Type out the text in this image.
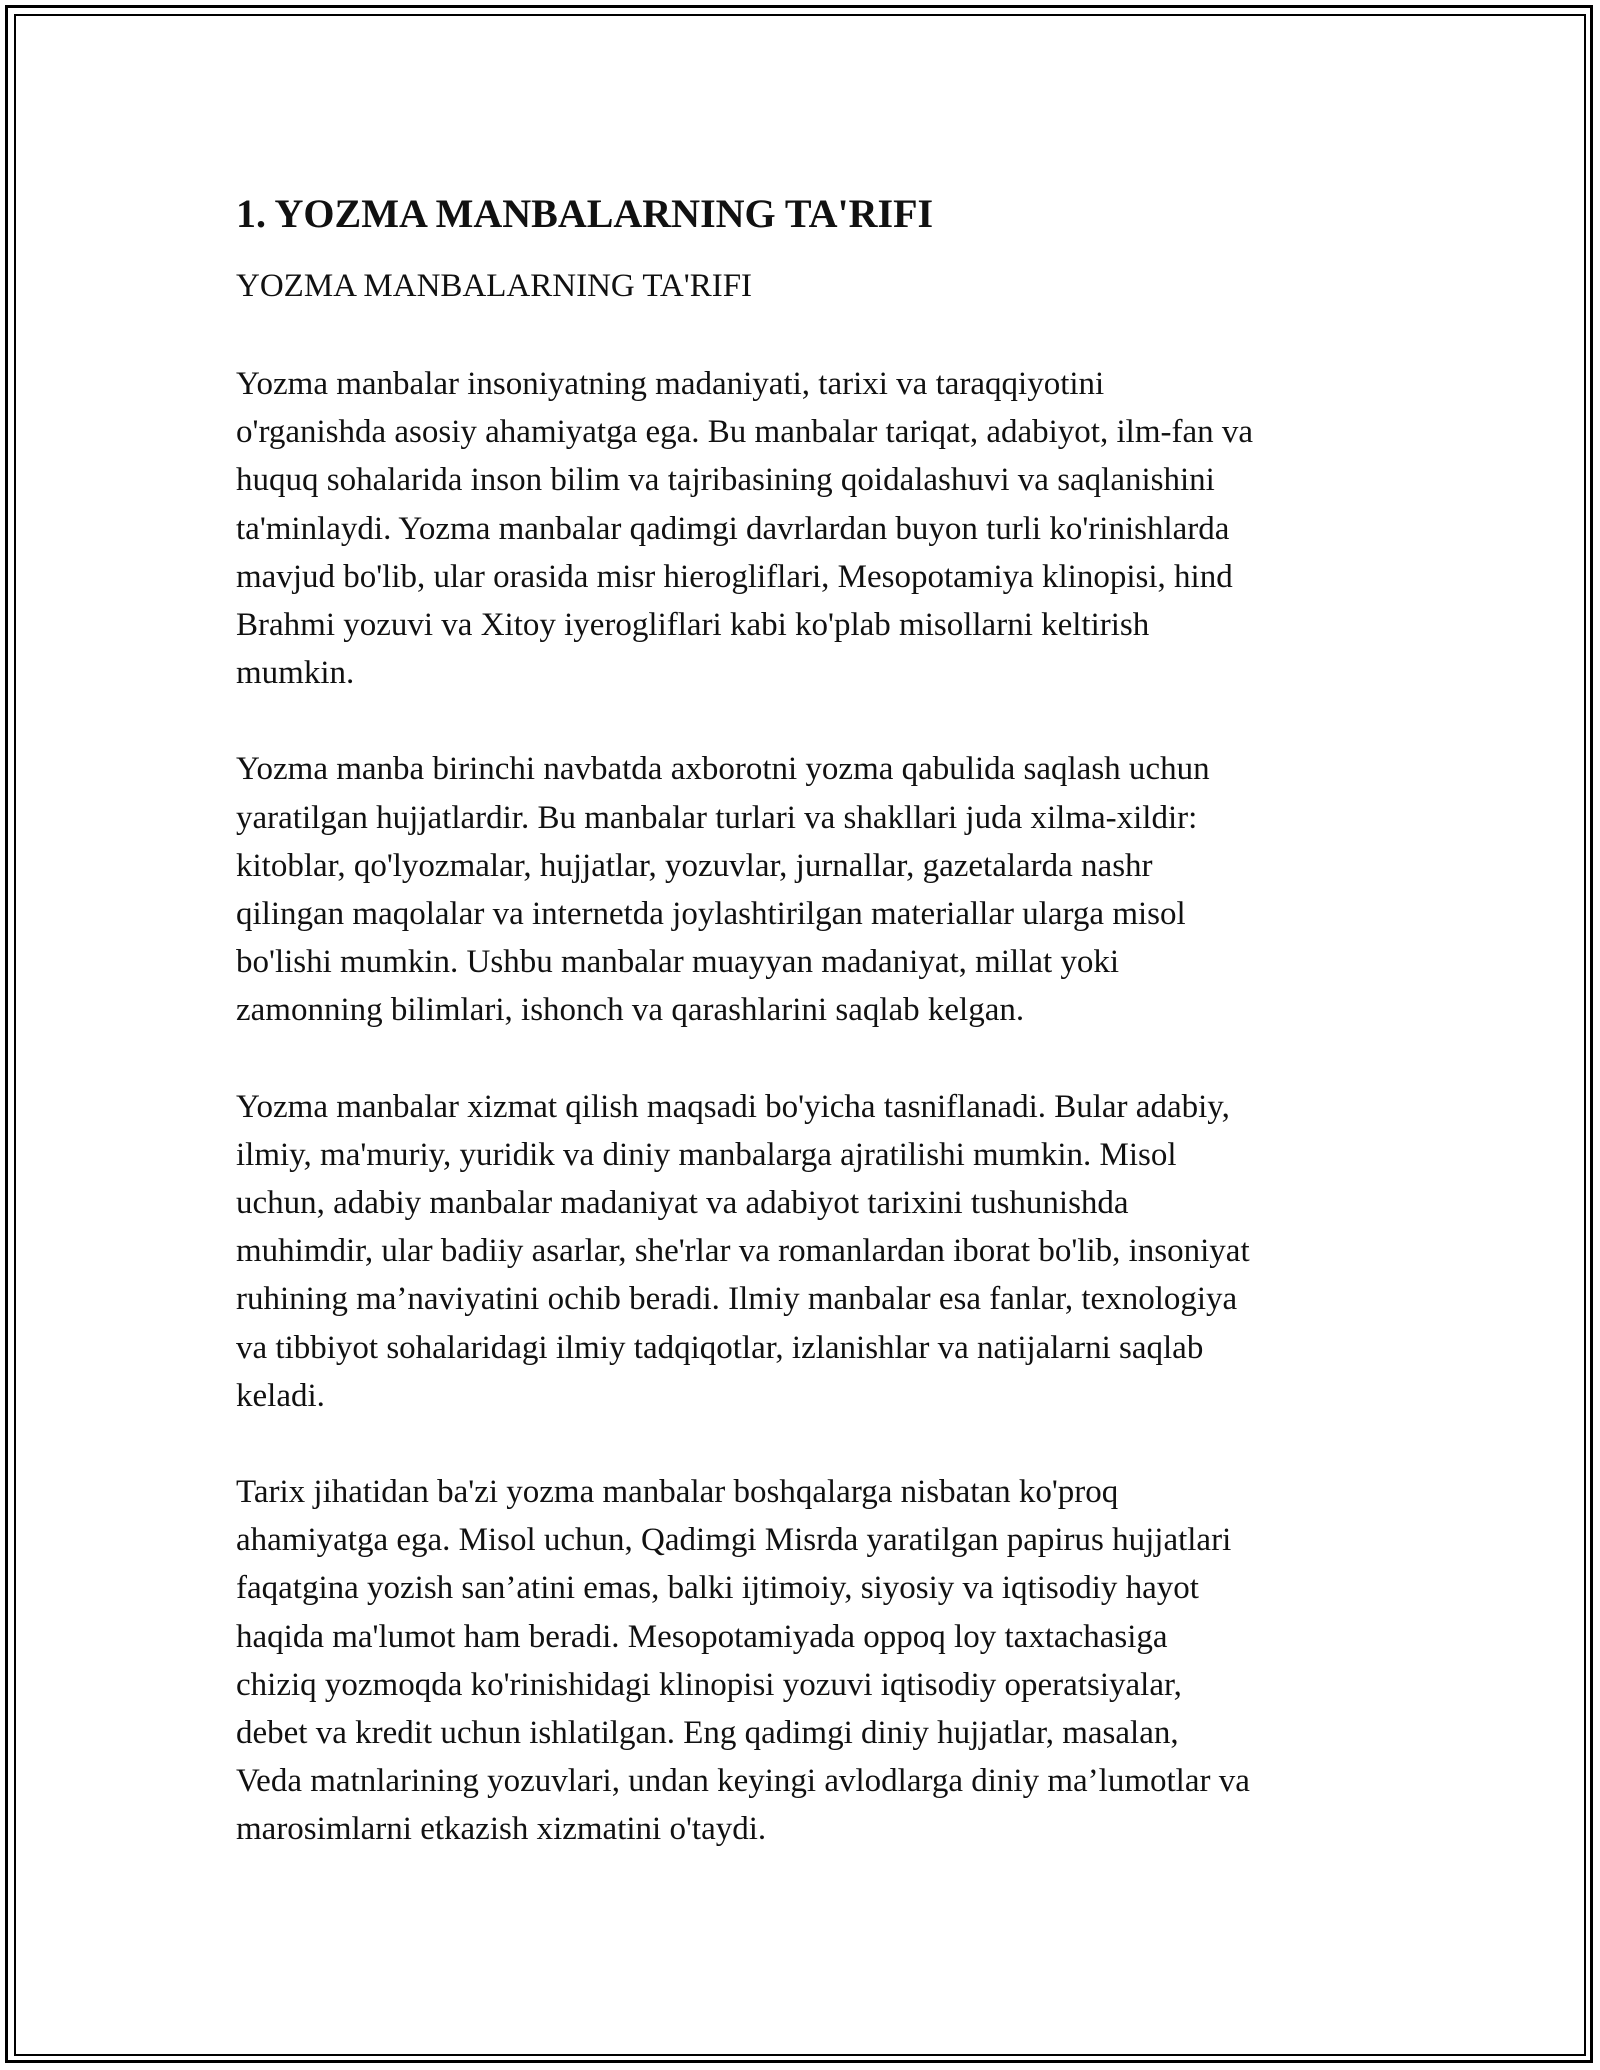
1. YOZMA MANBALARNING TA'RIFI
YOZMA MANBALARNING TA'RIFI
Yozma manbalar insoniyatning madaniyati, tarixi va taraqqiyotini
o'rganishda asosiy ahamiyatga ega. Bu manbalar tariqat, adabiyot, ilm-fan va
huquq sohalarida inson bilim va tajribasining qoidalashuvi va saqlanishini
ta'minlaydi. Yozma manbalar qadimgi davrlardan buyon turli ko'rinishlarda
mavjud bo'lib, ular orasida misr hierogliflari, Mesopotamiya klinopisi, hind
Brahmi yozuvi va Xitoy iyerogliflari kabi ko'plab misollarni keltirish
mumkin.
Yozma manba birinchi navbatda axborotni yozma qabulida saqlash uchun
yaratilgan hujjatlardir. Bu manbalar turlari va shakllari juda xilma-xildir:
kitoblar, qo'lyozmalar, hujjatlar, yozuvlar, jurnallar, gazetalarda nashr
qilingan maqolalar va internetda joylashtirilgan materiallar ularga misol
bo'lishi mumkin. Ushbu manbalar muayyan madaniyat, millat yoki
zamonning bilimlari, ishonch va qarashlarini saqlab kelgan.
Yozma manbalar xizmat qilish maqsadi bo'yicha tasniflanadi. Bular adabiy,
ilmiy, ma'muriy, yuridik va diniy manbalarga ajratilishi mumkin. Misol
uchun, adabiy manbalar madaniyat va adabiyot tarixini tushunishda
muhimdir, ular badiiy asarlar, she'rlar va romanlardan iborat bo'lib, insoniyat
ruhining ma’naviyatini ochib beradi. Ilmiy manbalar esa fanlar, texnologiya
va tibbiyot sohalaridagi ilmiy tadqiqotlar, izlanishlar va natijalarni saqlab
keladi.
Tarix jihatidan ba'zi yozma manbalar boshqalarga nisbatan ko'proq
ahamiyatga ega. Misol uchun, Qadimgi Misrda yaratilgan papirus hujjatlari
faqatgina yozish san’atini emas, balki ijtimoiy, siyosiy va iqtisodiy hayot
haqida ma'lumot ham beradi. Mesopotamiyada oppoq loy taxtachasiga
chiziq yozmoqda ko'rinishidagi klinopisi yozuvi iqtisodiy operatsiyalar,
debet va kredit uchun ishlatilgan. Eng qadimgi diniy hujjatlar, masalan,
Veda matnlarining yozuvlari, undan keyingi avlodlarga diniy ma’lumotlar va
marosimlarni etkazish xizmatini o'taydi.
